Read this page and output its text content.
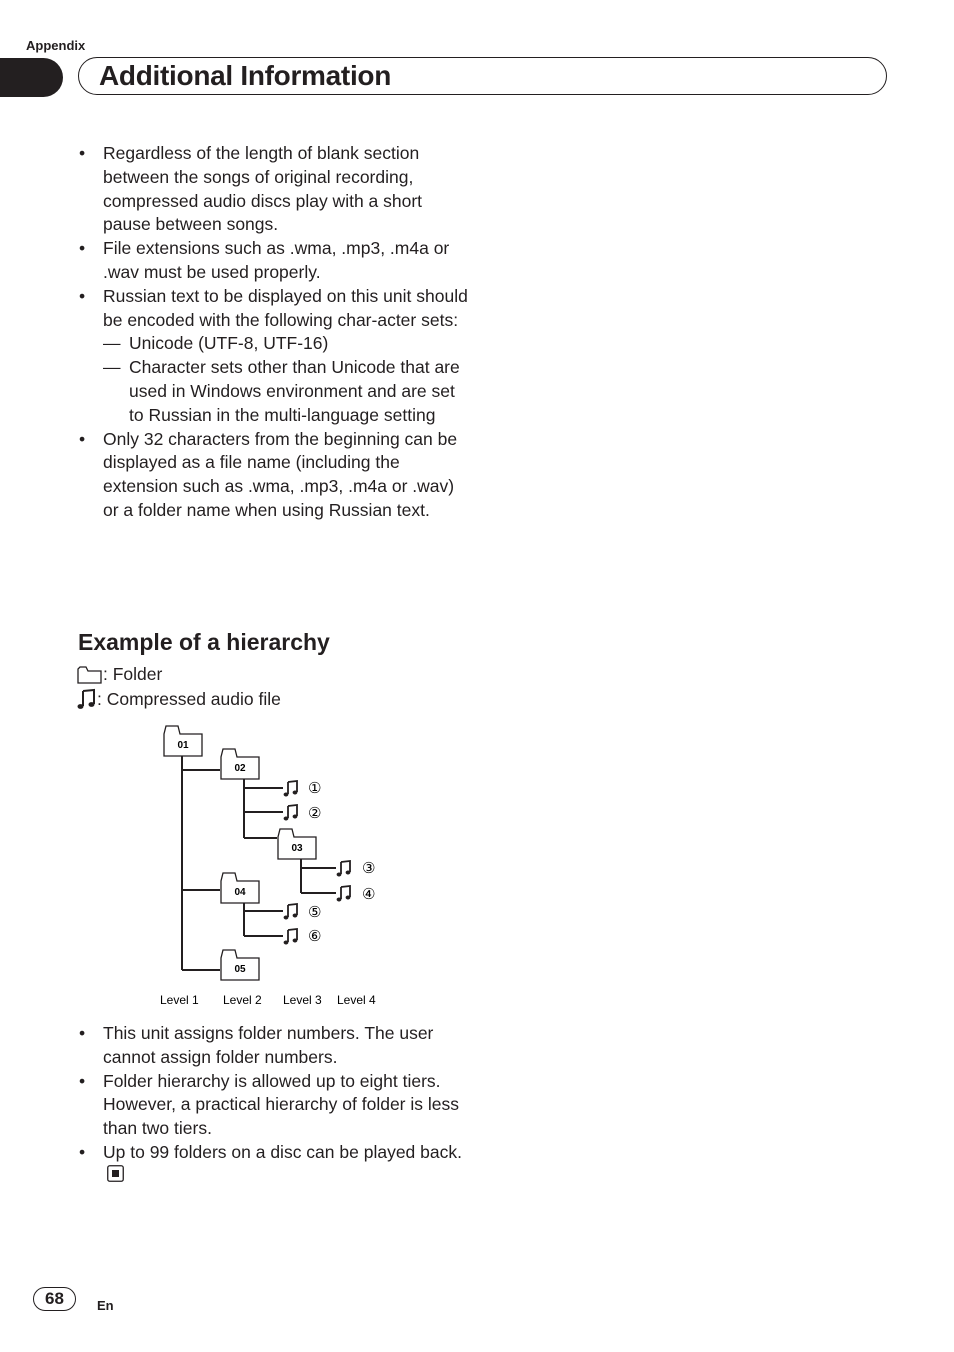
Appendix
Additional Information
• Regardless of the length of blank section between the songs of original recording, compressed audio discs play with a short pause between songs.
• File extensions such as .wma, .mp3, .m4a or .wav must be used properly.
• Russian text to be displayed on this unit should be encoded with the following char-acter sets:
— Unicode (UTF-8, UTF-16)
— Character sets other than Unicode that are used in Windows environment and are set to Russian in the multi-language setting
• Only 32 characters from the beginning can be displayed as a file name (including the extension such as .wma, .mp3, .m4a or .wav) or a folder name when using Russian text.
Example of a hierarchy
: Folder
: Compressed audio file
01
02
03
04
05
①
②
③
④
⑤
⑥
Level 1 Level 2 Level 3 Level 4
• This unit assigns folder numbers. The user cannot assign folder numbers.
• Folder hierarchy is allowed up to eight tiers. However, a practical hierarchy of folder is less than two tiers.
• Up to 99 folders on a disc can be played back.
68	En
